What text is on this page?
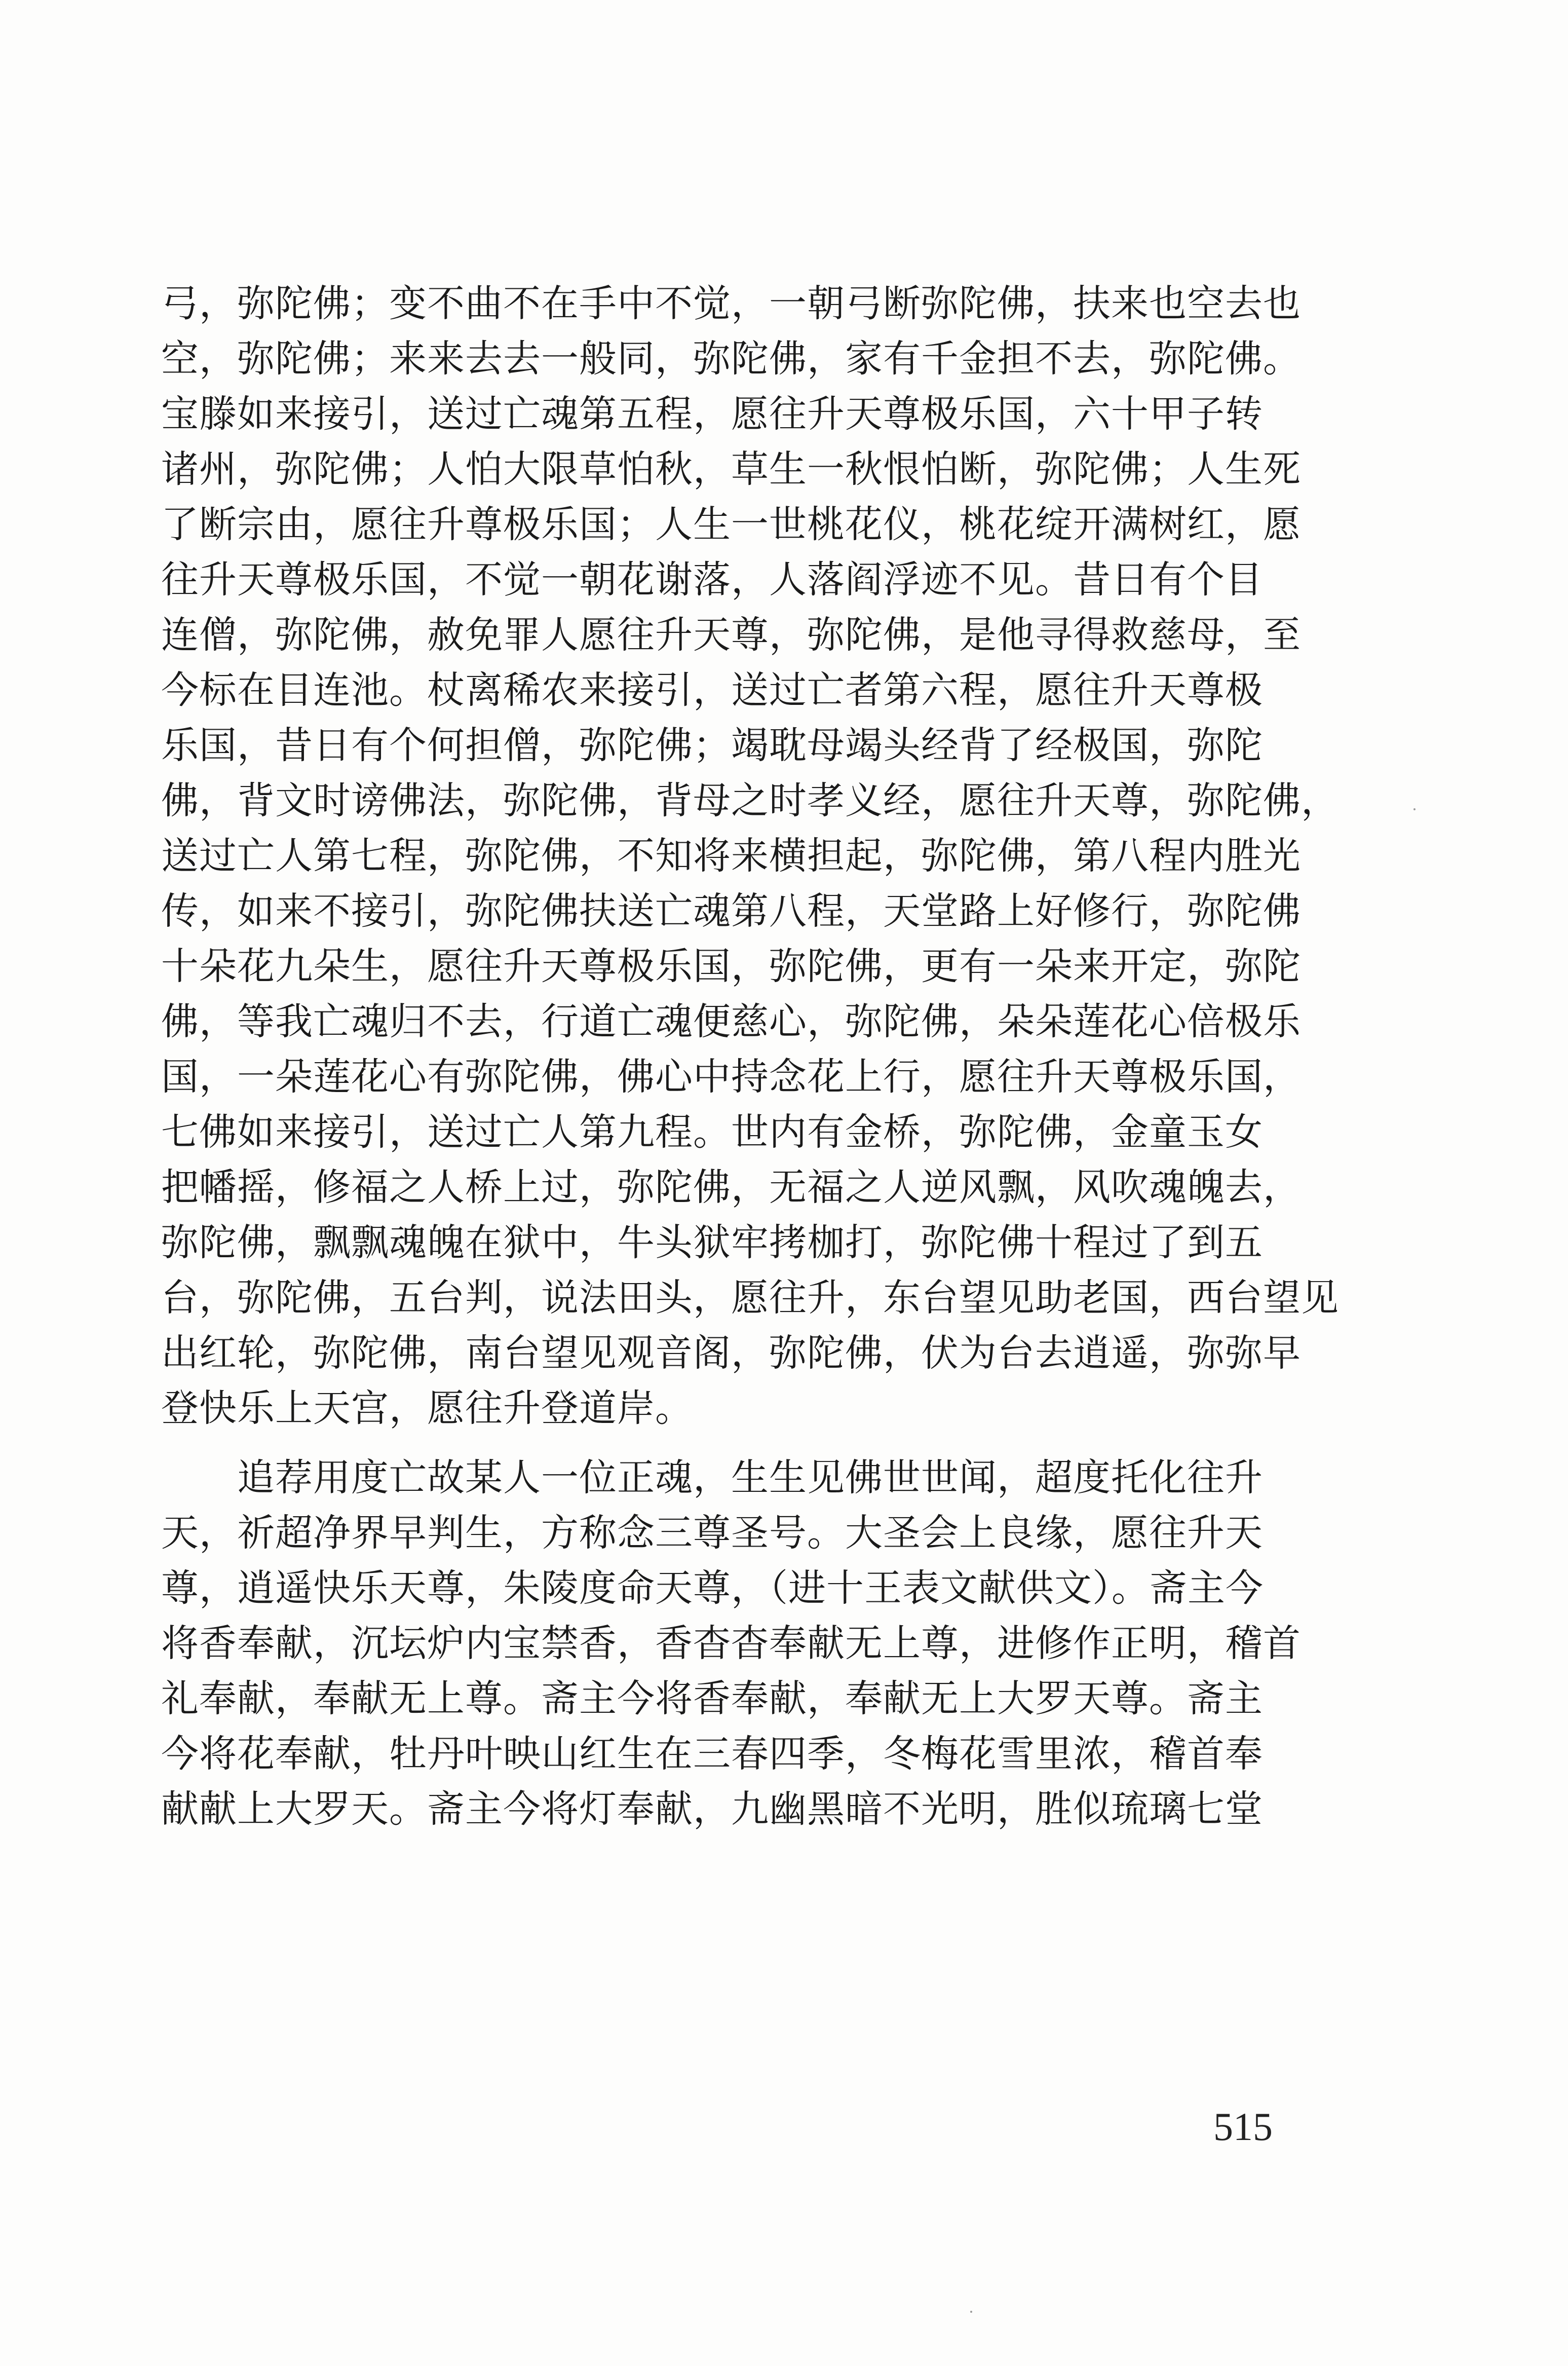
弓，弥陀佛；变不曲不在手中不觉，一朝弓断弥陀佛，扶来也空去也
空，弥陀佛；来来去去一般同，弥陀佛，家有千金担不去，弥陀佛。
宝滕如来接引，送过亡魂第五程，愿往升天尊极乐国，六十甲子转
诸州，弥陀佛；人怕大限草怕秋，草生一秋恨怕断，弥陀佛；人生死
了断宗由，愿往升尊极乐国；人生一世桃花仪，桃花绽开满树红，愿
往升天尊极乐国，不觉一朝花谢落，人落阎浮迹不见。昔日有个目
连僧，弥陀佛，赦免罪人愿往升天尊，弥陀佛，是他寻得救慈母，至
今标在目连池。杖离稀农来接引，送过亡者第六程，愿往升天尊极
乐国，昔日有个何担僧，弥陀佛；竭耽母竭头经背了经极国，弥陀
佛，背文时谤佛法，弥陀佛，背母之时孝义经，愿往升天尊，弥陀佛，
送过亡人第七程，弥陀佛，不知将来横担起，弥陀佛，第八程内胜光
传，如来不接引，弥陀佛扶送亡魂第八程，天堂路上好修行，弥陀佛
十朵花九朵生，愿往升天尊极乐国，弥陀佛，更有一朵来开定，弥陀
佛，等我亡魂归不去，行道亡魂便慈心，弥陀佛，朵朵莲花心倍极乐
国，一朵莲花心有弥陀佛，佛心中持念花上行，愿往升天尊极乐国，
七佛如来接引，送过亡人第九程。世内有金桥，弥陀佛，金童玉女
把幡摇，修福之人桥上过，弥陀佛，无福之人逆风飘，风吹魂魄去，
弥陀佛，飘飘魂魄在狱中，牛头狱牢拷枷打，弥陀佛十程过了到五
台，弥陀佛，五台判，说法田头，愿往升，东台望见助老国，西台望见
出红轮，弥陀佛，南台望见观音阁，弥陀佛，伏为台去逍遥，弥弥早
登快乐上天宫，愿往升登道岸。
追荐用度亡故某人一位正魂，生生见佛世世闻，超度托化往升
天，祈超净界早判生，方称念三尊圣号。大圣会上良缘，愿往升天
尊，逍遥快乐天尊，朱陵度命天尊，（进十王表文献供文）。斋主今
将香奉献，沉坛炉内宝禁香，香杳杳奉献无上尊，进修作正明，稽首
礼奉献，奉献无上尊。斋主今将香奉献，奉献无上大罗天尊。斋主
今将花奉献，牡丹叶映山红生在三春四季，冬梅花雪里浓，稽首奉
献献上大罗天。斋主今将灯奉献，九幽黑暗不光明，胜似琉璃七堂
515
